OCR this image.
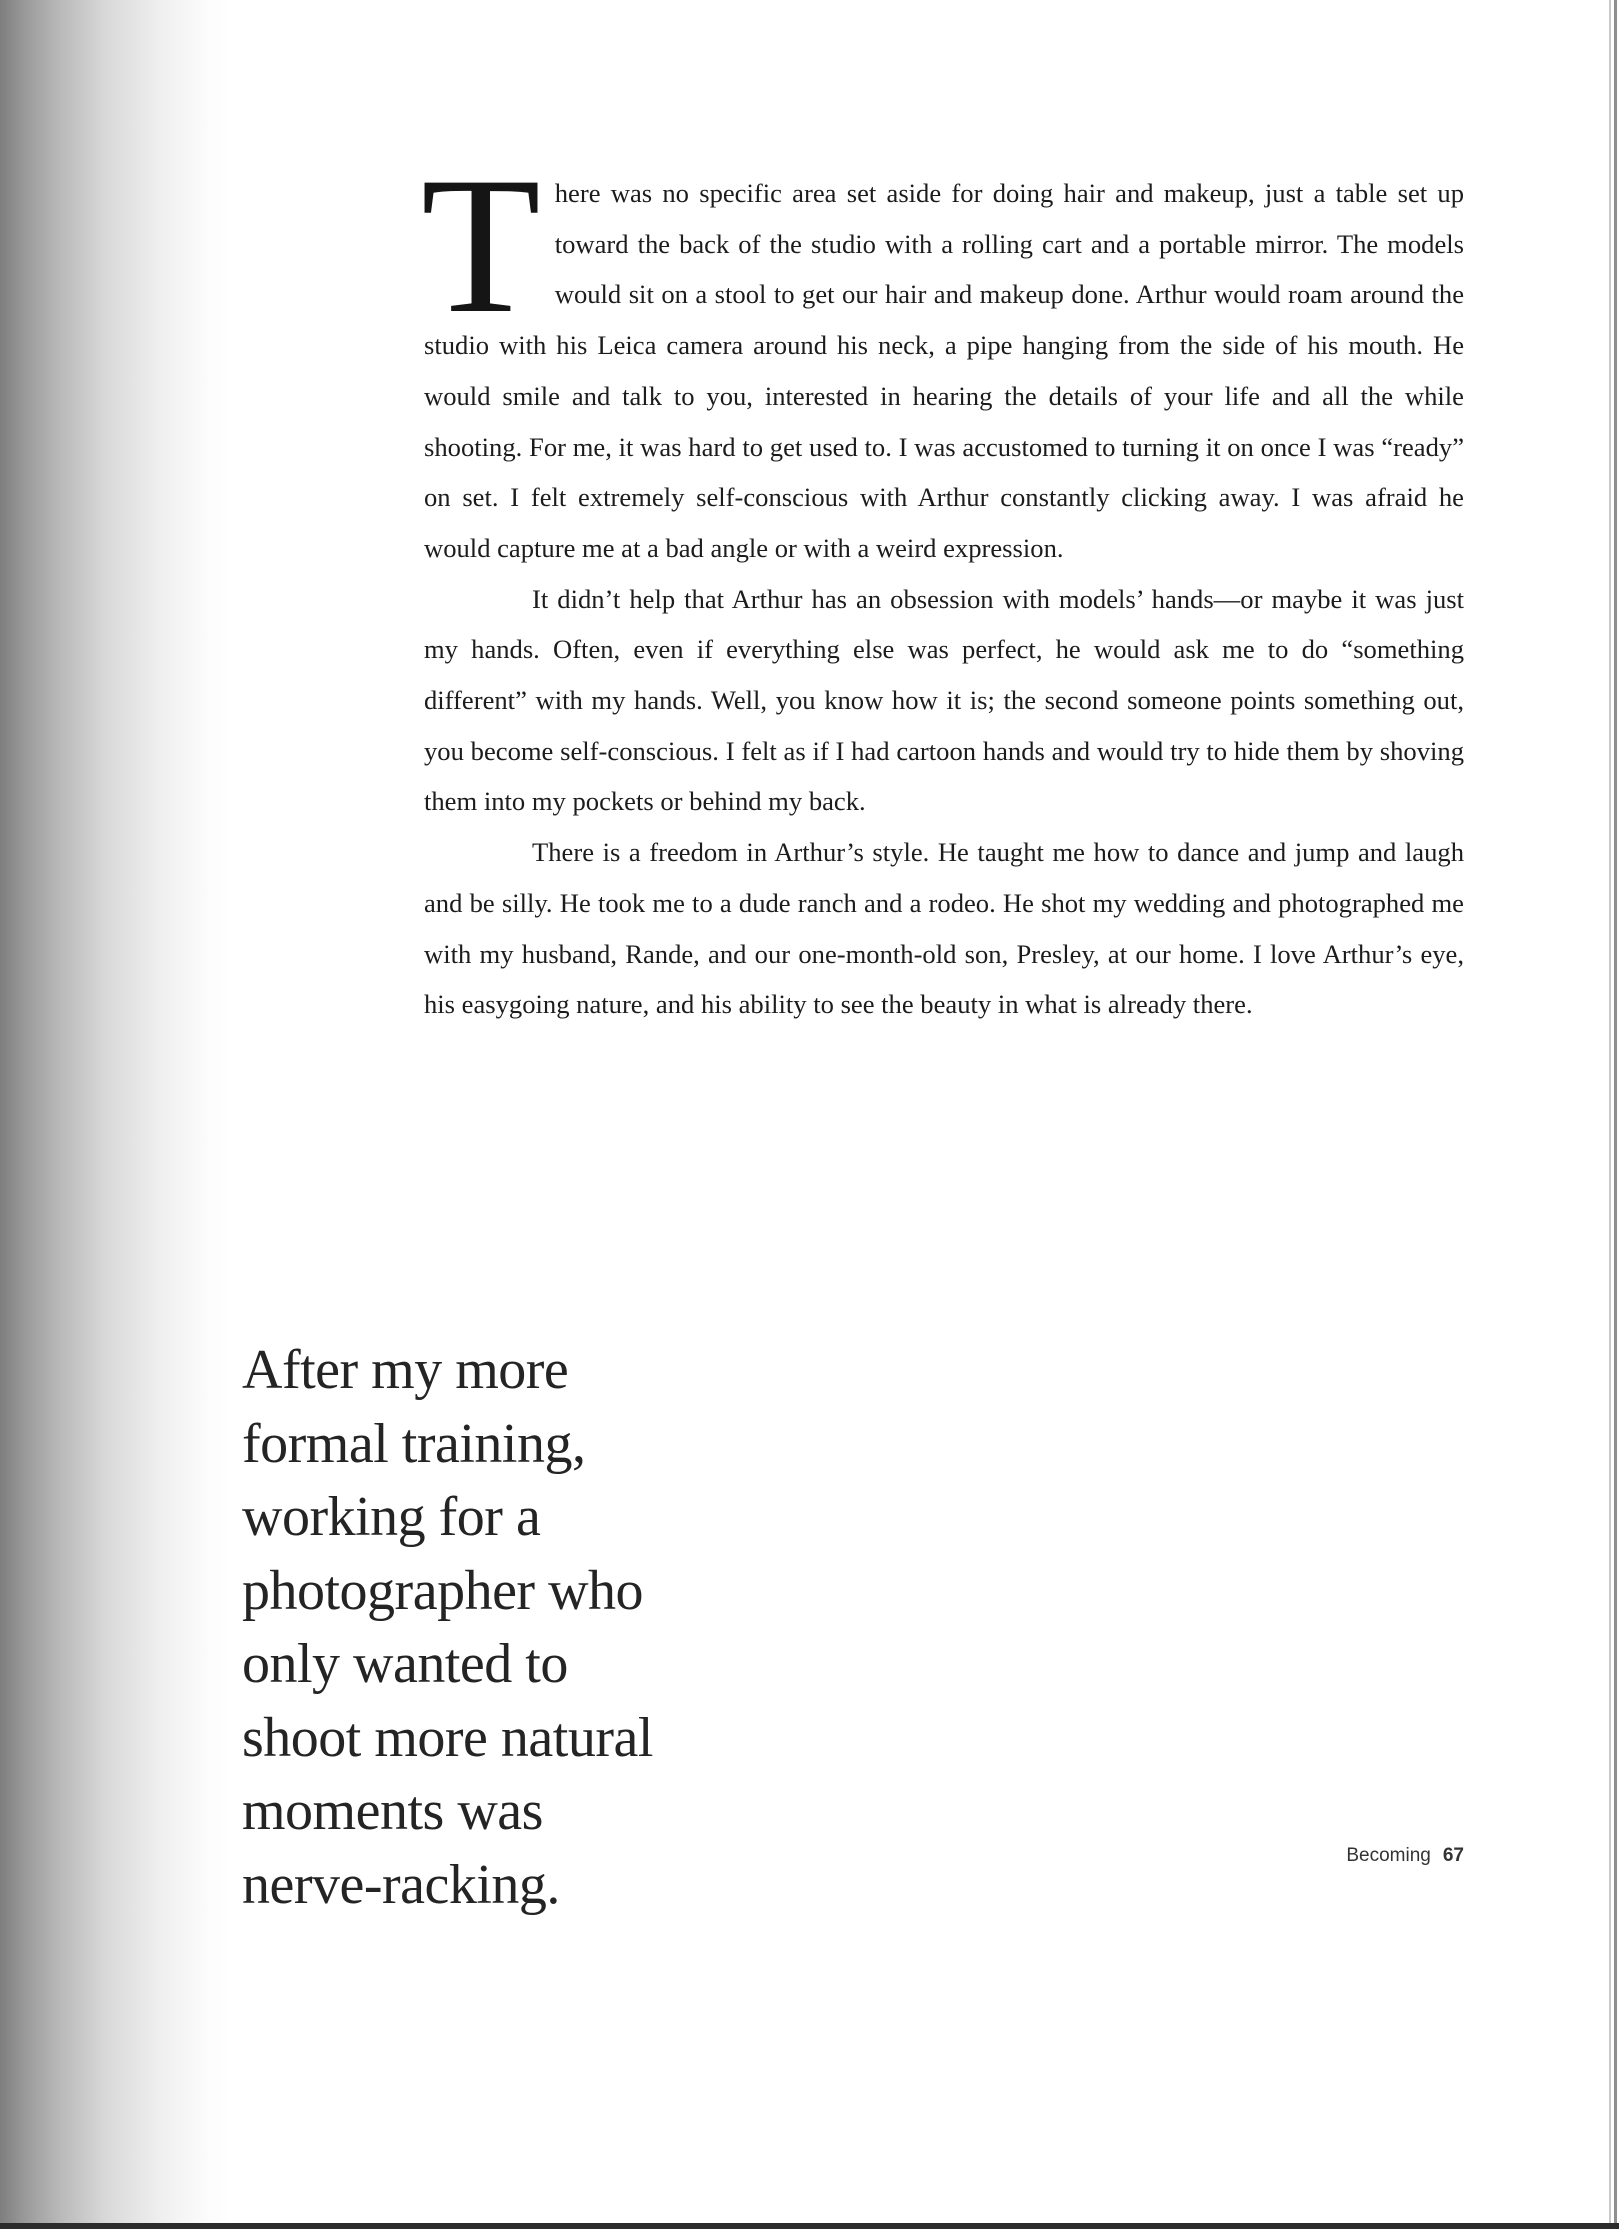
There was no specific area set aside for doing hair and makeup, just a table set up toward the back of the studio with a rolling cart and a portable mirror. The models would sit on a stool to get our hair and makeup done. Arthur would roam around the studio with his Leica camera around his neck, a pipe hanging from the side of his mouth. He would smile and talk to you, interested in hearing the details of your life and all the while shooting. For me, it was hard to get used to. I was accustomed to turning it on once I was “ready” on set. I felt extremely self-conscious with Arthur constantly clicking away. I was afraid he would capture me at a bad angle or with a weird expression.

It didn’t help that Arthur has an obsession with models’ hands—or maybe it was just my hands. Often, even if everything else was perfect, he would ask me to do “something different” with my hands. Well, you know how it is; the second someone points something out, you become self-conscious. I felt as if I had cartoon hands and would try to hide them by shoving them into my pockets or behind my back.

There is a freedom in Arthur’s style. He taught me how to dance and jump and laugh and be silly. He took me to a dude ranch and a rodeo. He shot my wedding and photographed me with my husband, Rande, and our one-month-old son, Presley, at our home. I love Arthur’s eye, his easygoing nature, and his ability to see the beauty in what is already there.

After my more
formal training,
working for a
photographer who
only wanted to
shoot more natural
moments was
nerve-racking.	Becoming 67
